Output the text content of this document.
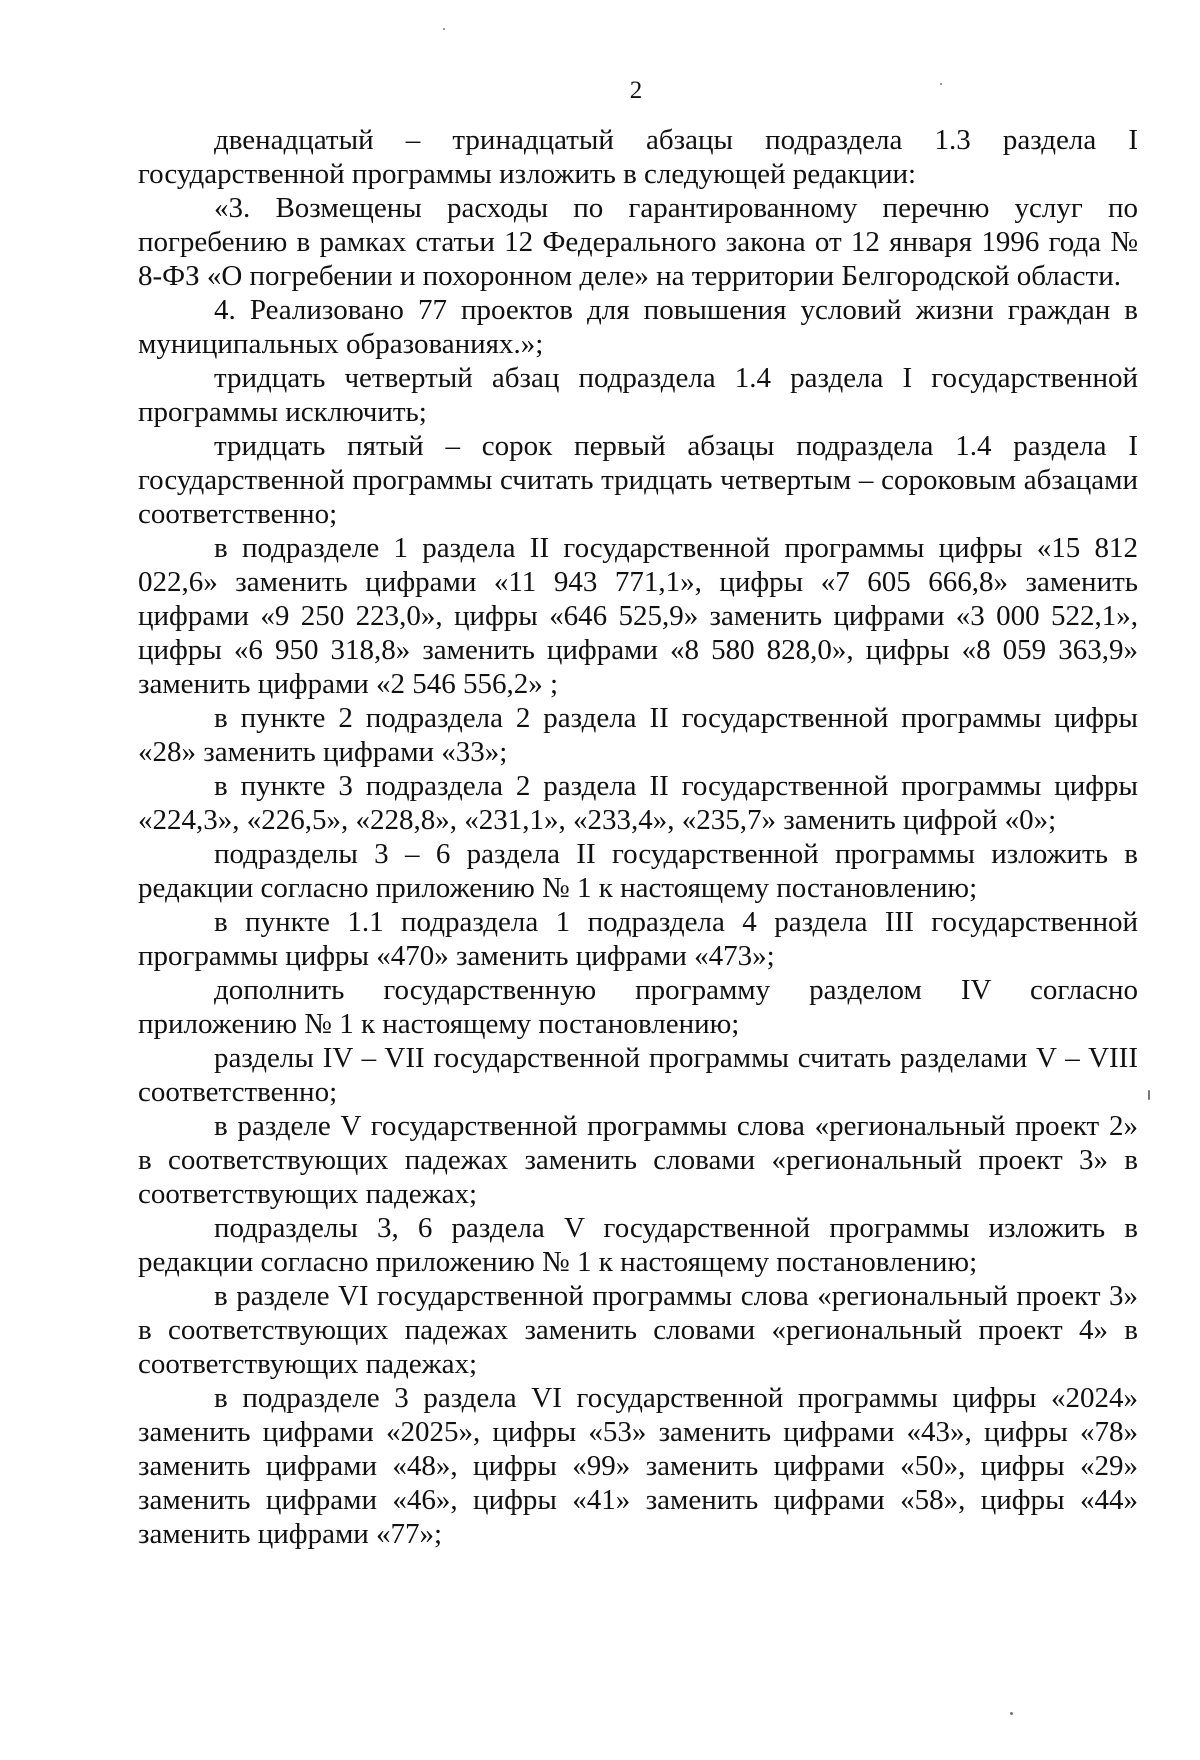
2

двенадцатый – тринадцатый абзацы подраздела 1.3 раздела I государственной программы изложить в следующей редакции:

«3. Возмещены расходы по гарантированному перечню услуг по погребению в рамках статьи 12 Федерального закона от 12 января 1996 года № 8-ФЗ «О погребении и похоронном деле» на территории Белгородской области.

4. Реализовано 77 проектов для повышения условий жизни граждан в муниципальных образованиях.»;

тридцать четвертый абзац подраздела 1.4 раздела I государственной программы исключить;

тридцать пятый – сорок первый абзацы подраздела 1.4 раздела I государственной программы считать тридцать четвертым – сороковым абзацами соответственно;

в подразделе 1 раздела II государственной программы цифры «15 812 022,6» заменить цифрами «11 943 771,1», цифры «7 605 666,8» заменить цифрами «9 250 223,0», цифры «646 525,9» заменить цифрами «3 000 522,1», цифры «6 950 318,8» заменить цифрами «8 580 828,0», цифры «8 059 363,9» заменить цифрами «2 546 556,2» ;

в пункте 2 подраздела 2 раздела II государственной программы цифры «28» заменить цифрами «33»;

в пункте 3 подраздела 2 раздела II государственной программы цифры «224,3», «226,5», «228,8», «231,1», «233,4», «235,7» заменить цифрой «0»;

подразделы 3 – 6 раздела II государственной программы изложить в редакции согласно приложению № 1 к настоящему постановлению;

в пункте 1.1 подраздела 1 подраздела 4 раздела III государственной программы цифры «470» заменить цифрами «473»;

дополнить государственную программу разделом IV согласно приложению № 1 к настоящему постановлению;

разделы IV – VII государственной программы считать разделами V – VIII соответственно;

в разделе V государственной программы слова «региональный проект 2» в соответствующих падежах заменить словами «региональный проект 3» в соответствующих падежах;

подразделы 3, 6 раздела V государственной программы изложить в редакции согласно приложению № 1 к настоящему постановлению;

в разделе VI государственной программы слова «региональный проект 3» в соответствующих падежах заменить словами «региональный проект 4» в соответствующих падежах;

в подразделе 3 раздела VI государственной программы цифры «2024» заменить цифрами «2025», цифры «53» заменить цифрами «43», цифры «78» заменить цифрами «48», цифры «99» заменить цифрами «50», цифры «29» заменить цифрами «46», цифры «41» заменить цифрами «58», цифры «44» заменить цифрами «77»;
